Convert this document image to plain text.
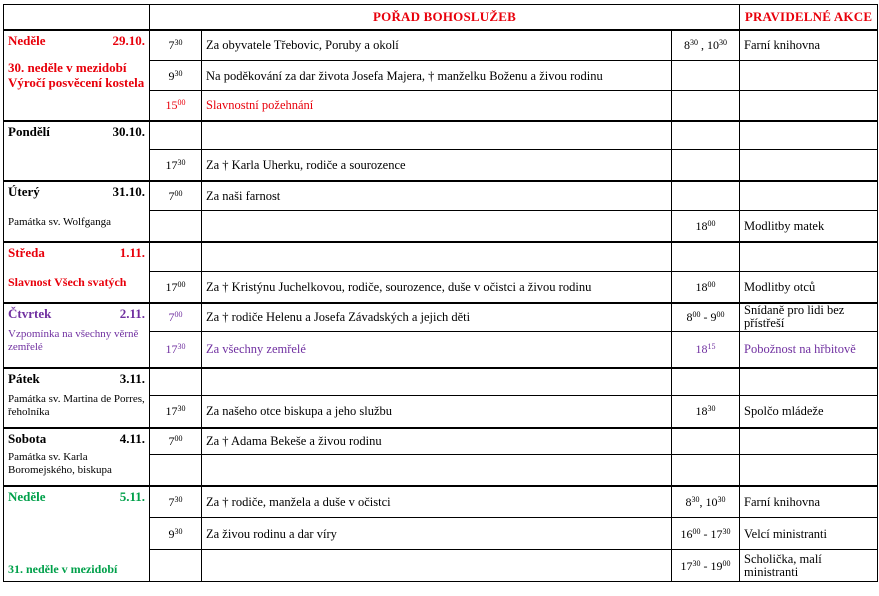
	POŘAD BOHOSLUŽEB			PRAVIDELNÉ AKCE

Neděle 29.10.
30. neděle v mezidobí Výročí posvěcení kostela	$7^{30}$	Za obyvatele Třebovic, Poruby a okolí	$8^{30}$ , $10^{30}$	Farní knihovna
	$9^{30}$	Na poděkování za dar života Josefa Majera, † manželku Boženu a živou rodinu		
	$15^{00}$	Slavnostní požehnání		

Pondělí 30.10.				

	$17^{30}$	Za † Karla Uherku, rodiče a sourozence		

Úterý 31.10.
Památka sv. Wolfganga	$7^{00}$	Za naši farnost		
			$18^{00}$	Modlitby matek

Středa 1.11.
Slavnost Všech svatých				

	$17^{00}$	Za † Kristýnu Juchelkovou, rodiče, sourozence, duše v očistci a živou rodinu	$18^{00}$	Modlitby otců

Čtvrtek 2.11.
Vzpomínka na všechny věrně zemřelé	$7^{00}$	Za † rodiče Helenu a Josefa Závadských a jejich děti	$8^{00} - 9^{00}$	Snídaně pro lidi bez přístřeší
	$17^{30}$	Za všechny zemřelé	$18^{15}$	Pobožnost na hřbitově

Pátek 3.11.
Památka sv. Martina de Porres, řeholníka				

	$17^{30}$	Za našeho otce biskupa a jeho službu	$18^{30}$	Spolčo mládeže

Sobota 4.11.
Památka sv. Karla Boromejského, biskupa	$7^{00}$	Za † Adama Bekeše a živou rodinu		

Neděle 5.11.
31. neděle v mezidobí	$7^{30}$	Za † rodiče, manžela a duše v očistci	$8^{30}$, $10^{30}$	Farní knihovna
	$9^{30}$	Za živou rodinu a dar víry	$16^{00} - 17^{30}$	Velcí ministranti
			$17^{30} - 19^{00}$	Scholička, malí ministranti
